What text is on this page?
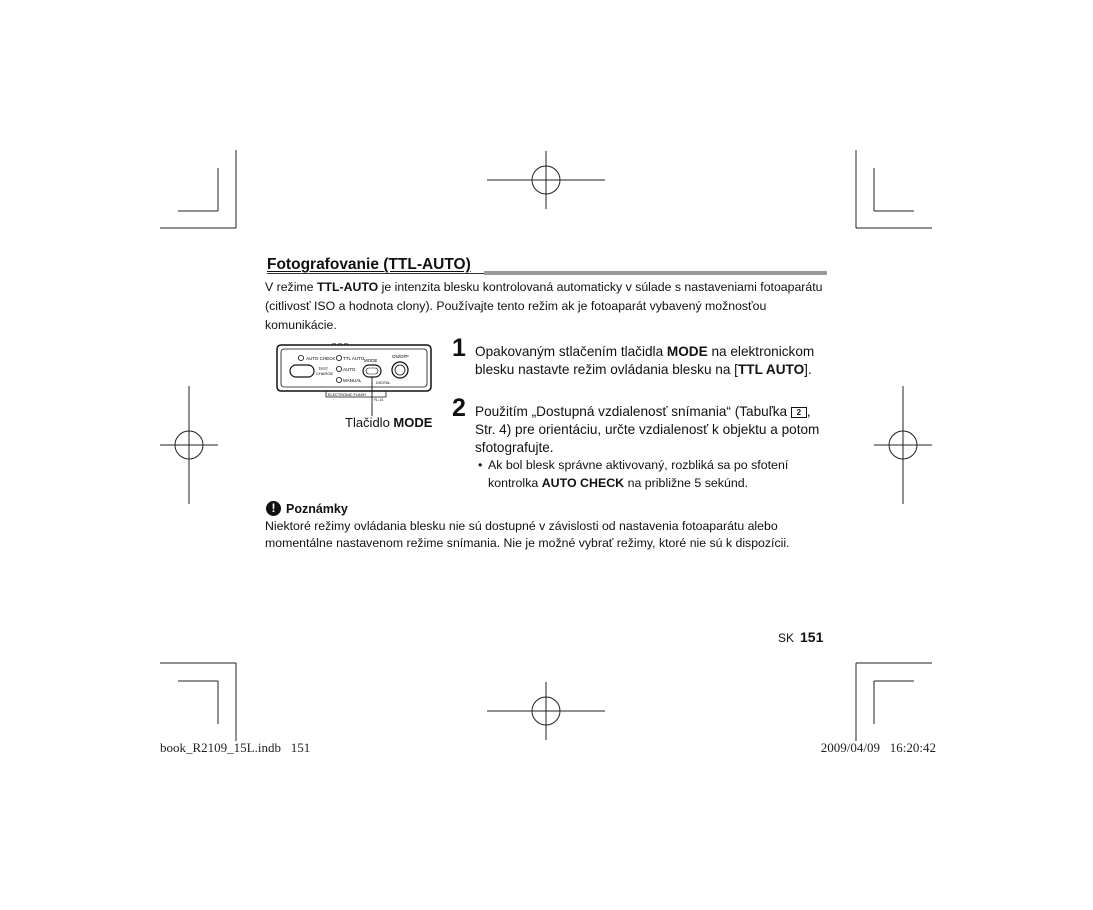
Fotografovanie (TTL-AUTO)
V režime TTL-AUTO je intenzita blesku kontrolovaná automaticky v súlade s nastaveniami fotoaparátu (citlivosť ISO a hodnota clony). Používajte tento režim ak je fotoaparát vybavený možnosťou komunikácie.
AUTO CHECK TTL AUTO
AUTO
MANUAL
TEST
CHARGE
MODE
ON/OFF
DIGITAL
ELECTRONIC FLASH
FL-14
Tlačidlo MODE
1 Opakovaným stlačením tlačidla MODE na elektronickom blesku nastavte režim ovládania blesku na [TTL AUTO].
2 Použitím „Dostupná vzdialenosť snímania“ (Tabuľka 2 , Str. 4) pre orientáciu, určte vzdialenosť k objektu a potom sfotografujte.
• Ak bol blesk správne aktivovaný, rozbliká sa po sfotení kontrolka AUTO CHECK na približne 5 sekúnd.
! Poznámky
Niektoré režimy ovládania blesku nie sú dostupné v závislosti od nastavenia fotoaparátu alebo momentálne nastavenom režime snímania. Nie je možné vybrať režimy, ktoré nie sú k dispozícii.
SK 151
book_R2109_15L.indb   151	2009/04/09   16:20:42
